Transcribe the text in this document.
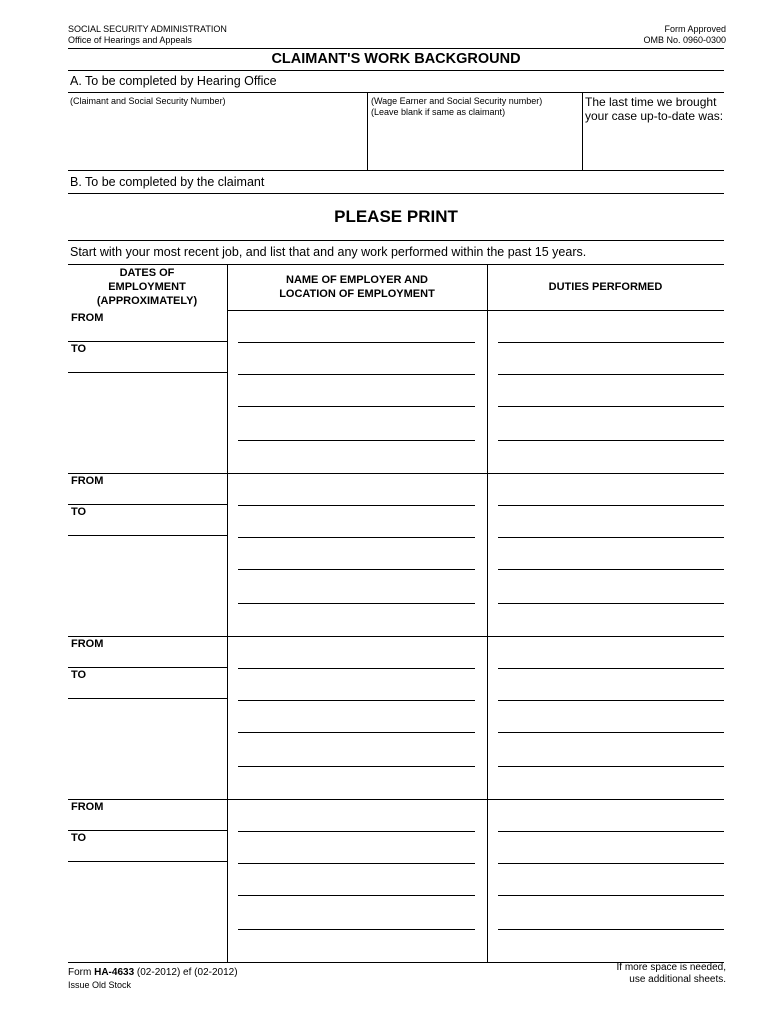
SOCIAL SECURITY ADMINISTRATION
Office of Hearings and Appeals
Form Approved
OMB No. 0960-0300
CLAIMANT'S WORK BACKGROUND
A. To be completed by Hearing Office
(Claimant and Social Security Number)	(Wage Earner and Social Security number)
(Leave blank if same as claimant)
The last time we brought
your case up-to-date was:
B. To be completed by the claimant
PLEASE PRINT
Start with your most recent job, and list that and any work performed within the past 15 years.
DATES OF
EMPLOYMENT
(APPROXIMATELY)
NAME OF EMPLOYER AND
LOCATION OF EMPLOYMENT
DUTIES PERFORMED
FROM
TO
FROM
TO
FROM
TO
FROM
TO
Form HA-4633 (02-2012) ef (02-2012)
Issue Old Stock
If more space is needed,
use additional sheets.
